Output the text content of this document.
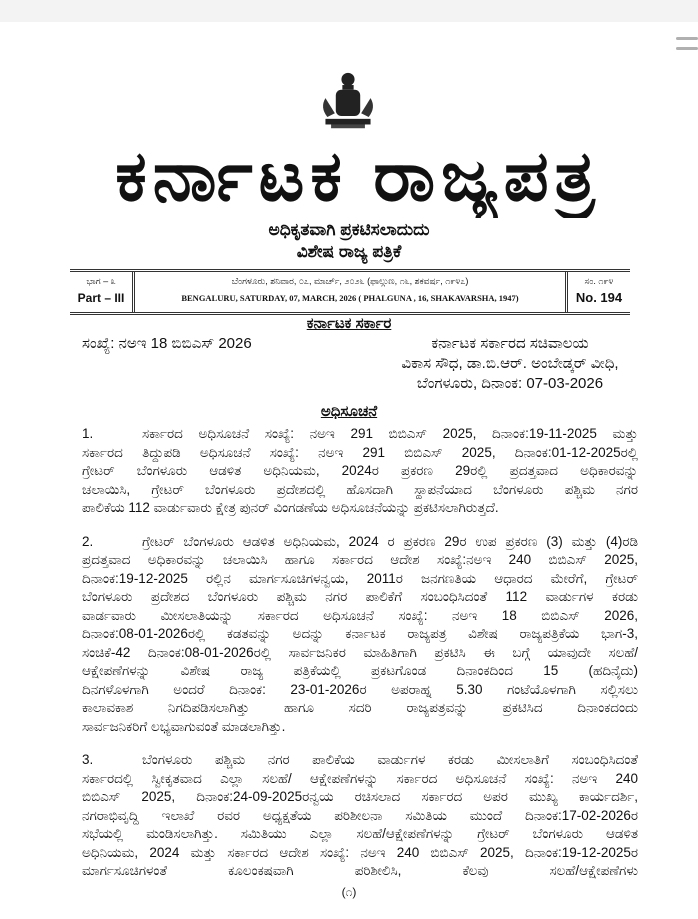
ಕರ್ನಾಟಕ ರಾಜ್ಯಪತ್ರ
ಅಧಿಕೃತವಾಗಿ ಪ್ರಕಟಿಸಲಾದುದು
ವಿಶೇಷ ರಾಜ್ಯ ಪತ್ರಿಕೆ
ಭಾಗ – ೩
Part – III
ಬೆಂಗಳೂರು, ಶನಿವಾರ, ೦೭, ಮಾರ್ಚ್, ೨೦೨೬ (ಫಾಲ್ಗುಣ, ೧೬, ಶಕವರ್ಷ, ೧೯೪೭)
BENGALURU, SATURDAY, 07, MARCH, 2026 ( PHALGUNA , 16, SHAKAVARSHA, 1947)
ಸಂ. ೧೯೪
No. 194
ಕರ್ನಾಟಕ ಸರ್ಕಾರ
ಸಂಖ್ಯೆ: ನಅಇ 18 ಬಿಬಿಎಸ್ 2026	ಕರ್ನಾಟಕ ಸರ್ಕಾರದ ಸಚಿವಾಲಯ
ವಿಕಾಸ ಸೌಧ, ಡಾ.ಬಿ.ಆರ್. ಅಂಬೇಡ್ಕರ್ ವೀಧಿ,
ಬೆಂಗಳೂರು, ದಿನಾಂಕ: 07-03-2026
ಅಧಿಸೂಚನೆ
1.	ಸರ್ಕಾರದ ಅಧಿಸೂಚನೆ ಸಂಖ್ಯೆ: ನಅಇ 291 ಬಿಬಿಎಸ್ 2025, ದಿನಾಂಕ:19-11-2025 ಮತ್ತು
ಸರ್ಕಾರದ ತಿದ್ದುಪಡಿ ಅಧಿಸೂಚನೆ ಸಂಖ್ಯೆ: ನಅಇ 291 ಬಿಬಿಎಸ್ 2025, ದಿನಾಂಕ:01-12-2025ರಲ್ಲಿ
ಗ್ರೇಟರ್ ಬೆಂಗಳೂರು ಆಡಳಿತ ಅಧಿನಿಯಮ, 2024ರ ಪ್ರಕರಣ 29ರಲ್ಲಿ ಪ್ರದತ್ತವಾದ ಅಧಿಕಾರವನ್ನು
ಚಲಾಯಿಸಿ, ಗ್ರೇಟರ್ ಬೆಂಗಳೂರು ಪ್ರದೇಶದಲ್ಲಿ ಹೊಸದಾಗಿ ಸ್ಥಾಪನೆಯಾದ ಬೆಂಗಳೂರು ಪಶ್ಚಿಮ ನಗರ
ಪಾಲಿಕೆಯ 112 ವಾರ್ಡುವಾರು ಕ್ಷೇತ್ರ ಪುನರ್ ವಿಂಗಡಣೆಯ ಅಧಿಸೂಚನೆಯನ್ನು ಪ್ರಕಟಿಸಲಾಗಿರುತ್ತದೆ.
2.	ಗ್ರೇಟರ್ ಬೆಂಗಳೂರು ಆಡಳಿತ ಅಧಿನಿಯಮ, 2024 ರ ಪ್ರಕರಣ 29ರ ಉಪ ಪ್ರಕರಣ (3) ಮತ್ತು (4)ರಡಿ
ಪ್ರದತ್ತವಾದ ಅಧಿಕಾರವನ್ನು ಚಲಾಯಿಸಿ ಹಾಗೂ ಸರ್ಕಾರದ ಆದೇಶ ಸಂಖ್ಯೆ:ನಅಇ 240 ಬಿಬಿಎಸ್ 2025,
ದಿನಾಂಕ:19-12-2025 ರಲ್ಲಿನ ಮಾರ್ಗಸೂಚಿಗಳನ್ವಯ, 2011ರ ಜನಗಣತಿಯ ಆಧಾರದ ಮೇರೆಗೆ, ಗ್ರೇಟರ್
ಬೆಂಗಳೂರು ಪ್ರದೇಶದ ಬೆಂಗಳೂರು ಪಶ್ಚಿಮ ನಗರ ಪಾಲಿಕೆಗೆ ಸಂಬಂಧಿಸಿದಂತೆ 112 ವಾರ್ಡುಗಳ ಕರಡು
ವಾರ್ಡವಾರು ಮೀಸಲಾತಿಯನ್ನು ಸರ್ಕಾರದ ಅಧಿಸೂಚನೆ ಸಂಖ್ಯೆ: ನಅಇ 18 ಬಿಬಿಎಸ್ 2026,
ದಿನಾಂಕ:08-01-2026ರಲ್ಲಿ ಕಡತವನ್ನು ಅದನ್ನು ಕರ್ನಾಟಕ ರಾಜ್ಯಪತ್ರ ವಿಶೇಷ ರಾಜ್ಯಪತ್ರಿಕೆಯ ಭಾಗ-3,
ಸಂಚಿಕೆ-42 ದಿನಾಂಕ:08-01-2026ರಲ್ಲಿ ಸಾರ್ವಜನಿಕರ ಮಾಹಿತಿಗಾಗಿ ಪ್ರಕಟಿಸಿ ಈ ಬಗ್ಗೆ ಯಾವುದೇ ಸಲಹೆ/
ಆಕ್ಷೇಪಣೆಗಳನ್ನು ವಿಶೇಷ ರಾಜ್ಯ ಪತ್ರಿಕೆಯಲ್ಲಿ ಪ್ರಕಟಗೊಂಡ ದಿನಾಂಕದಿಂದ 15 (ಹದಿನೈದು)
ದಿನಗಳೊಳಗಾಗಿ ಅಂದರೆ ದಿನಾಂಕ: 23-01-2026ರ ಅಪರಾಹ್ನ 5.30 ಗಂಟೆಯೊಳಗಾಗಿ ಸಲ್ಲಿಸಲು
ಕಾಲಾವಕಾಶ ನಿಗದಿಪಡಿಸಲಾಗಿತ್ತು ಹಾಗೂ ಸದರಿ ರಾಜ್ಯಪತ್ರವನ್ನು ಪ್ರಕಟಿಸಿದ ದಿನಾಂಕದಂದು
ಸಾರ್ವಜನಿಕರಿಗೆ ಲಭ್ಯವಾಗುವಂತೆ ಮಾಡಲಾಗಿತ್ತು.
3.	ಬೆಂಗಳೂರು ಪಶ್ಚಿಮ ನಗರ ಪಾಲಿಕೆಯ ವಾರ್ಡುಗಳ ಕರಡು ಮೀಸಲಾತಿಗೆ ಸಂಬಂಧಿಸಿದಂತೆ
ಸರ್ಕಾರದಲ್ಲಿ ಸ್ವೀಕೃತವಾದ ಎಲ್ಲಾ ಸಲಹೆ/ ಆಕ್ಷೇಪಣೆಗಳನ್ನು ಸರ್ಕಾರದ ಅಧಿಸೂಚನೆ ಸಂಖ್ಯೆ: ನಅಇ 240
ಬಿಬಿಎಸ್ 2025, ದಿನಾಂಕ:24-09-2025ರನ್ವಯ ರಚಿಸಲಾದ ಸರ್ಕಾರದ ಅಪರ ಮುಖ್ಯ ಕಾರ್ಯದರ್ಶಿ,
ನಗರಾಭಿವೃದ್ಧಿ ಇಲಾಖೆ ರವರ ಅಧ್ಯಕ್ಷತೆಯ ಪರಿಶೀಲನಾ ಸಮಿತಿಯ ಮುಂದೆ ದಿನಾಂಕ:17-02-2026ರ
ಸಭೆಯಲ್ಲಿ ಮಂಡಿಸಲಾಗಿತ್ತು. ಸಮಿತಿಯು ಎಲ್ಲಾ ಸಲಹೆ/ಆಕ್ಷೇಪಣೆಗಳನ್ನು ಗ್ರೇಟರ್ ಬೆಂಗಳೂರು ಆಡಳಿತ
ಅಧಿನಿಯಮ, 2024 ಮತ್ತು ಸರ್ಕಾರದ ಆದೇಶ ಸಂಖ್ಯೆ: ನಅಇ 240 ಬಿಬಿಎಸ್ 2025, ದಿನಾಂಕ:19-12-2025ರ
ಮಾರ್ಗಸೂಚಿಗಳಂತೆ ಕೂಲಂಕಷವಾಗಿ ಪರಿಶೀಲಿಸಿ, ಕೆಲವು ಸಲಹೆ/ಆಕ್ಷೇಪಣೆಗಳು
(೧)
